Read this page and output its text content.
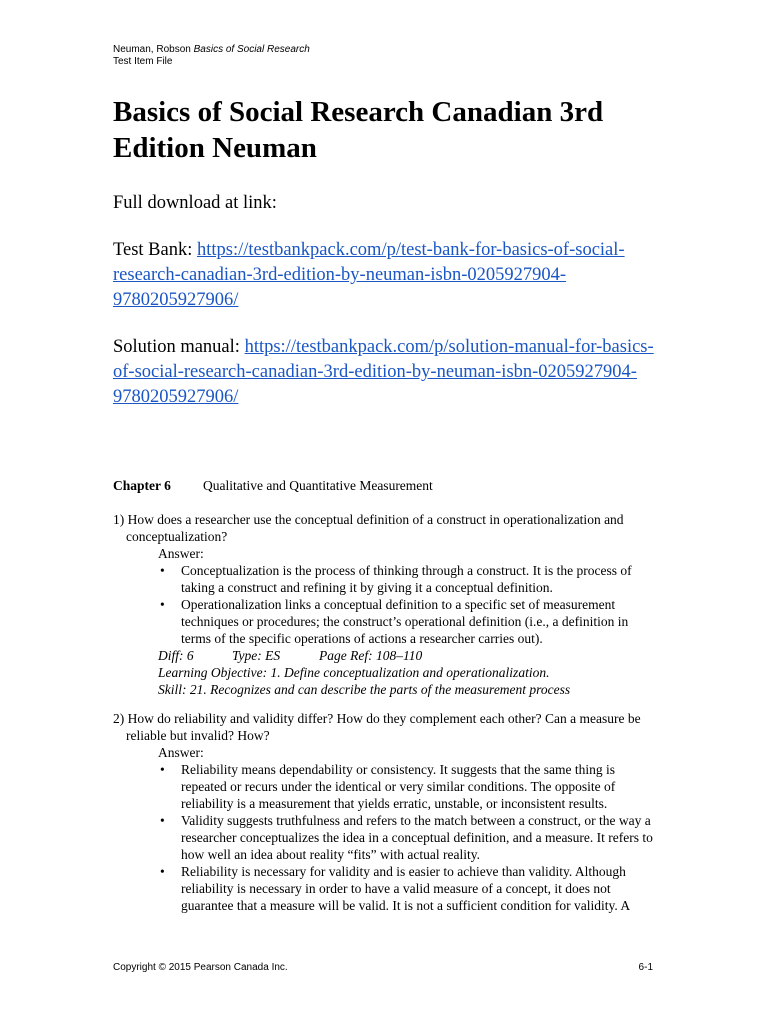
Neuman, Robson Basics of Social Research
Test Item File
Basics of Social Research Canadian 3rd Edition Neuman
Full download at link:
Test Bank: https://testbankpack.com/p/test-bank-for-basics-of-social-research-canadian-3rd-edition-by-neuman-isbn-0205927904-9780205927906/
Solution manual: https://testbankpack.com/p/solution-manual-for-basics-of-social-research-canadian-3rd-edition-by-neuman-isbn-0205927904-9780205927906/
Chapter 6 Qualitative and Quantitative Measurement
1) How does a researcher use the conceptual definition of a construct in operationalization and conceptualization?
Answer:
• Conceptualization is the process of thinking through a construct. It is the process of taking a construct and refining it by giving it a conceptual definition.
• Operationalization links a conceptual definition to a specific set of measurement techniques or procedures; the construct’s operational definition (i.e., a definition in terms of the specific operations of actions a researcher carries out).
Diff: 6	Type: ES	Page Ref: 108–110
Learning Objective: 1. Define conceptualization and operationalization.
Skill: 21. Recognizes and can describe the parts of the measurement process
2) How do reliability and validity differ? How do they complement each other? Can a measure be reliable but invalid? How?
Answer:
• Reliability means dependability or consistency. It suggests that the same thing is repeated or recurs under the identical or very similar conditions. The opposite of reliability is a measurement that yields erratic, unstable, or inconsistent results.
• Validity suggests truthfulness and refers to the match between a construct, or the way a researcher conceptualizes the idea in a conceptual definition, and a measure. It refers to how well an idea about reality “fits” with actual reality.
• Reliability is necessary for validity and is easier to achieve than validity. Although reliability is necessary in order to have a valid measure of a concept, it does not guarantee that a measure will be valid. It is not a sufficient condition for validity. A
Copyright © 2015 Pearson Canada Inc.	6-1
